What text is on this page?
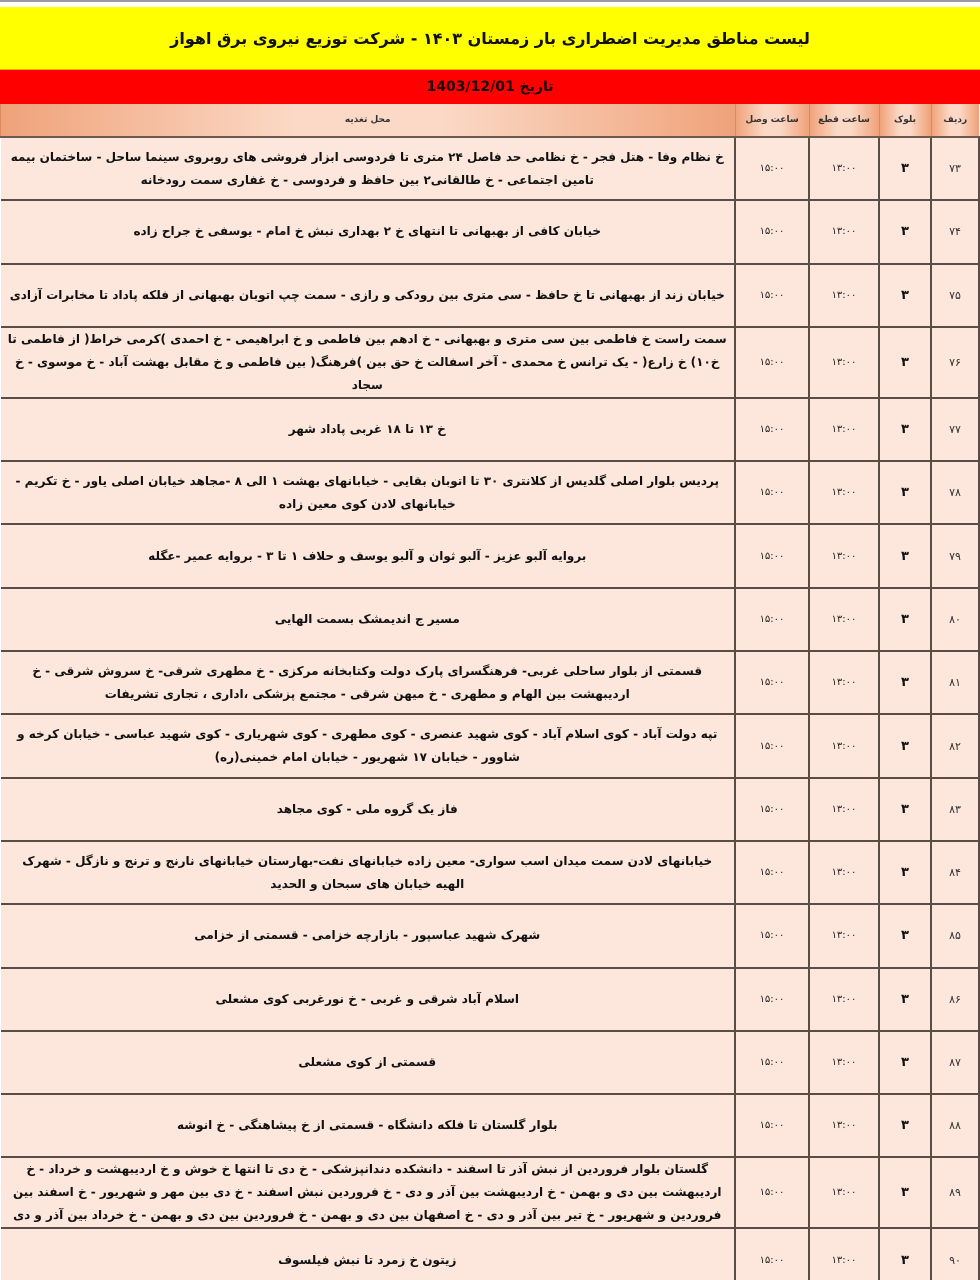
لیست مناطق مدیریت اضطراری بار زمستان ۱۴۰۳ - شرکت توزیع نیروی برق اهواز
تاریخ 1403/12/01
ردیف	بلوک	ساعت قطع	ساعت وصل	محل تغذیه
۷۳	۳	۱۳:۰۰	۱۵:۰۰	خ نظام وفا - هتل فجر - خ نظامی حد فاصل ۲۴ متری تا فردوسی ابزار فروشی های روبروی سینما ساحل - ساختمان بیمه تامین اجتماعی - خ طالقانی۲ بین حافظ و فردوسی - خ غفاری سمت رودخانه
۷۴	۳	۱۳:۰۰	۱۵:۰۰	خیابان کافی از بهبهانی تا انتهای خ ۲ بهداری نبش خ امام - یوسفی خ جراح زاده
۷۵	۳	۱۳:۰۰	۱۵:۰۰	خیابان زند از بهبهانی تا خ حافظ - سی متری بین رودکی و رازی - سمت چپ اتوبان بهبهانی از فلکه پاداد تا مخابرات آزادی
۷۶	۳	۱۳:۰۰	۱۵:۰۰	سمت راست خ فاطمی بین سی متری و بهبهانی - خ ادهم بین فاطمی و خ ابراهیمی - خ احمدی )کرمی خراط( از فاطمی تا خ۱۰) خ زارع( - یک ترانس خ محمدی - آخر اسفالت خ حق بین )فرهنگ( بین فاطمی و خ مقابل بهشت آباد - خ موسوی - خ سجاد
۷۷	۳	۱۳:۰۰	۱۵:۰۰	خ ۱۳ تا ۱۸ غربی پاداد شهر
۷۸	۳	۱۳:۰۰	۱۵:۰۰	پردیس بلوار اصلی گلدیس از کلانتری ۳۰ تا اتوبان بقایی - خیابانهای بهشت ۱ الی ۸ -مجاهد خیابان اصلی یاور - خ تکریم - خیابانهای لادن کوی معین زاده
۷۹	۳	۱۳:۰۰	۱۵:۰۰	بروایه آلبو عزیز - آلبو ثوان و آلبو یوسف و حلاف ۱ تا ۳ - بروایه عمیر -عگله
۸۰	۳	۱۳:۰۰	۱۵:۰۰	مسیر ج اندیمشک بسمت الهایی
۸۱	۳	۱۳:۰۰	۱۵:۰۰	قسمتی از بلوار ساحلی غربی- فرهنگسرای پارک دولت وکتابخانه مرکزی - خ مطهری شرقی- خ سروش شرقی - خ اردیبهشت بین الهام و مطهری - خ میهن شرقی - مجتمع پزشکی ،اداری ، تجاری تشریفات
۸۲	۳	۱۳:۰۰	۱۵:۰۰	تپه دولت آباد - کوی اسلام آباد - کوی شهید عنصری - کوی مطهری - کوی شهریاری - کوی شهید عباسی - خیابان کرخه و شاوور - خیابان ۱۷ شهریور - خیابان امام خمینی(ره)
۸۳	۳	۱۳:۰۰	۱۵:۰۰	فاز یک گروه ملی - کوی مجاهد
۸۴	۳	۱۳:۰۰	۱۵:۰۰	خیابانهای لادن سمت میدان اسب سواری- معین زاده خیابانهای نفت-بهارستان خیابانهای نارنج و ترنج و نازگل - شهرک الهیه خیابان های سبحان و الحدید
۸۵	۳	۱۳:۰۰	۱۵:۰۰	شهرک شهید عباسپور - بازارچه خزامی - قسمتی از خزامی
۸۶	۳	۱۳:۰۰	۱۵:۰۰	اسلام آباد شرقی و غربی - خ نورغربی کوی مشعلی
۸۷	۳	۱۳:۰۰	۱۵:۰۰	قسمتی از کوی مشعلی
۸۸	۳	۱۳:۰۰	۱۵:۰۰	بلوار گلستان تا فلکه دانشگاه - قسمتی از خ پیشاهنگی - خ انوشه
۸۹	۳	۱۳:۰۰	۱۵:۰۰	گلستان بلوار فروردین از نبش آذر تا اسفند - دانشکده دندانپزشکی - خ دی تا انتها خ خوش و خ اردیبهشت و خرداد - خ اردیبهشت بین دی و بهمن - خ اردیبهشت بین آذر و دی - خ فروردین نبش اسفند - خ دی بین مهر و شهریور - خ اسفند بین فروردین و شهریور - خ تیر بین آذر و دی - خ اصفهان بین دی و بهمن - خ فروردین بین دی و بهمن - خ خرداد بین آذر و دی
۹۰	۳	۱۳:۰۰	۱۵:۰۰	زیتون خ زمرد تا نبش فیلسوف
